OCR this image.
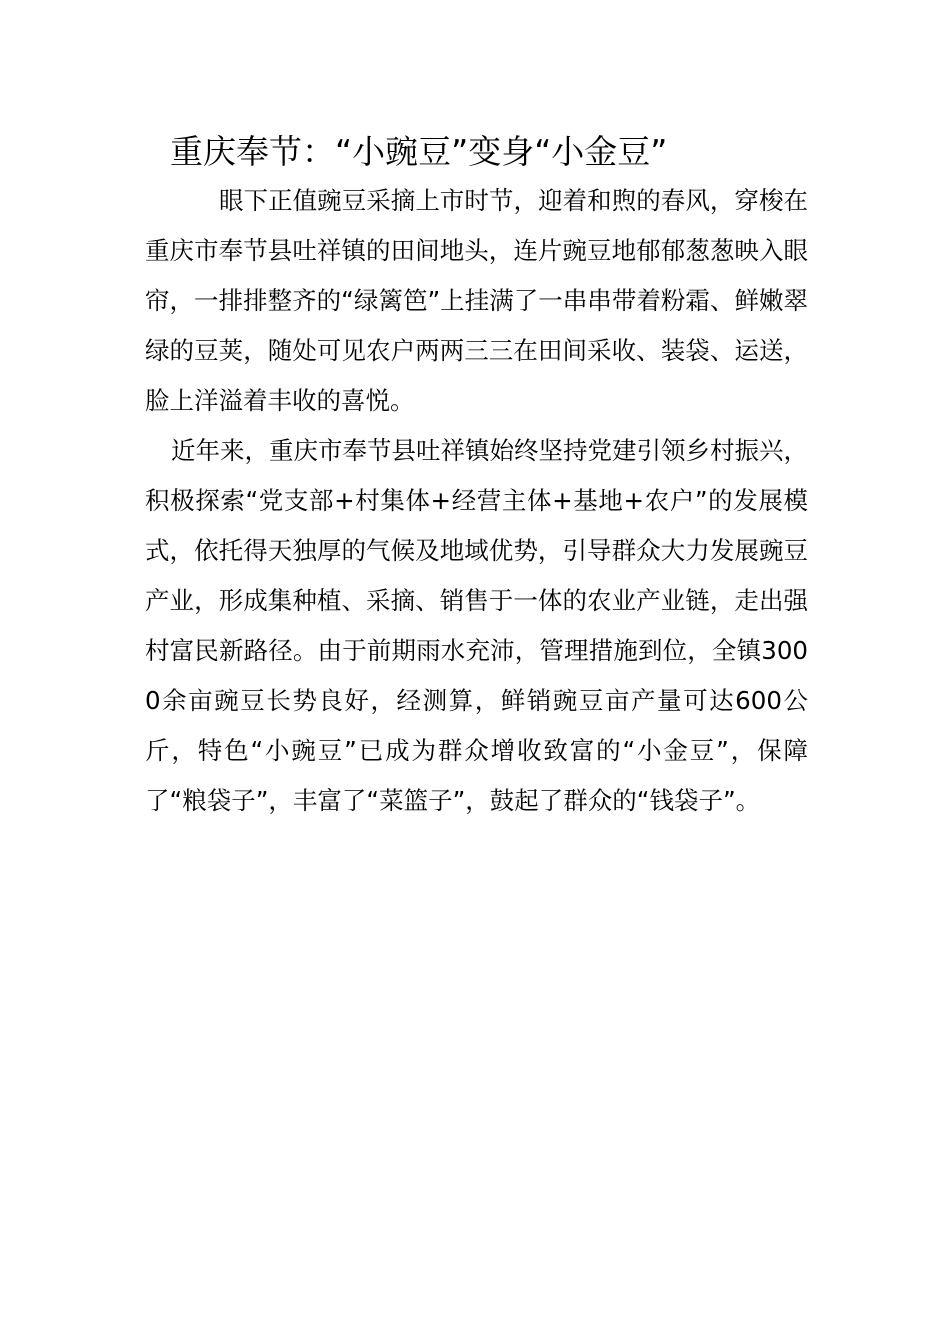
重庆奉节：“小豌豆”变身“小金豆”

眼下正值豌豆采摘上市时节，迎着和煦的春风，穿梭在重庆市奉节县吐祥镇的田间地头，连片豌豆地郁郁葱葱映入眼帘，一排排整齐的“绿篱笆”上挂满了一串串带着粉霜、鲜嫩翠绿的豆荚，随处可见农户两两三三在田间采收、装袋、运送，脸上洋溢着丰收的喜悦。

近年来，重庆市奉节县吐祥镇始终坚持党建引领乡村振兴，积极探索“党支部+村集体+经营主体+基地+农户”的发展模式，依托得天独厚的气候及地域优势，引导群众大力发展豌豆产业，形成集种植、采摘、销售于一体的农业产业链，走出强村富民新路径。由于前期雨水充沛，管理措施到位，全镇3000余亩豌豆长势良好，经测算，鲜销豌豆亩产量可达600公斤，特色“小豌豆”已成为群众增收致富的“小金豆”，保障了“粮袋子”，丰富了“菜篮子”，鼓起了群众的“钱袋子”。
